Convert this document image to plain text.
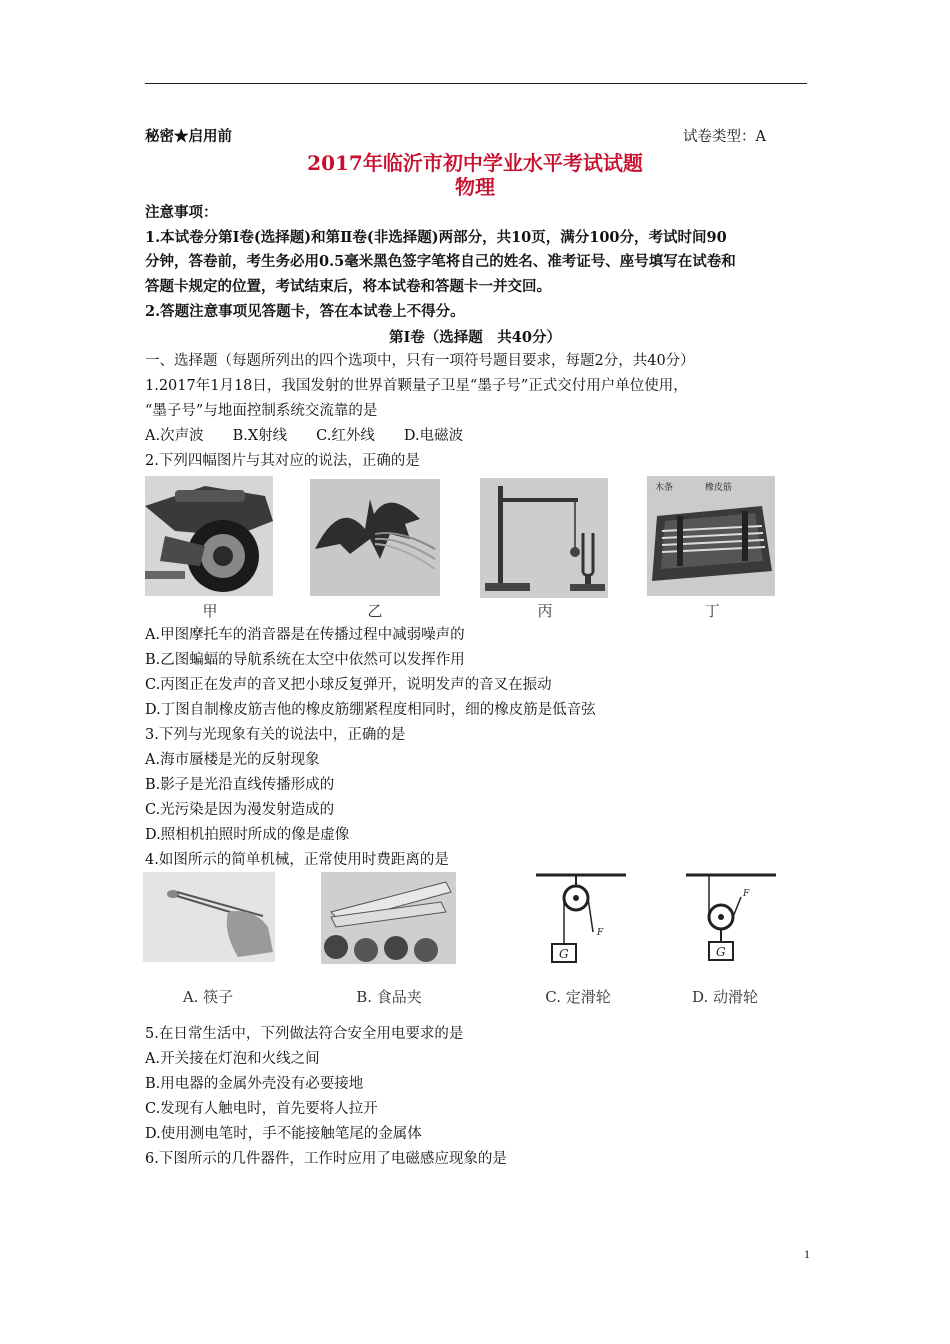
秘密★启用前	试卷类型：A
2017年临沂市初中学业水平考试试题
物理
注意事项：
1.本试卷分第Ⅰ卷(选择题)和第Ⅱ卷(非选择题)两部分，共10页，满分100分，考试时间90
分钟，答卷前，考生务必用0.5毫米黑色签字笔将自己的姓名、准考证号、座号填写在试卷和
答题卡规定的位置，考试结束后，将本试卷和答题卡一并交回。
2.答题注意事项见答题卡，答在本试卷上不得分。
第Ⅰ卷（选择题　共40分）
一、选择题（每题所列出的四个选项中，只有一项符号题目要求，每题2分，共40分）
1.2017年1月18日，我国发射的世界首颗量子卫星“墨子号”正式交付用户单位使用，
“墨子号”与地面控制系统交流靠的是
A.次声波　　B.X射线　　C.红外线　　D.电磁波
2.下列四幅图片与其对应的说法，正确的是
木条	橡皮筋
甲	乙	丙	丁
A.甲图摩托车的消音器是在传播过程中减弱噪声的
B.乙图蝙蝠的导航系统在太空中依然可以发挥作用
C.丙图正在发声的音叉把小球反复弹开，说明发声的音叉在振动
D.丁图自制橡皮筋吉他的橡皮筋绷紧程度相同时，细的橡皮筋是低音弦
3.下列与光现象有关的说法中，正确的是
A.海市蜃楼是光的反射现象
B.影子是光沿直线传播形成的
C.光污染是因为漫发射造成的
D.照相机拍照时所成的像是虚像
4.如图所示的简单机械，正常使用时费距离的是
G
F
G
F
A. 筷子	B. 食品夹	C. 定滑轮	D. 动滑轮
5.在日常生活中，下列做法符合安全用电要求的是
A.开关接在灯泡和火线之间
B.用电器的金属外壳没有必要接地
C.发现有人触电时，首先要将人拉开
D.使用测电笔时，手不能接触笔尾的金属体
6.下图所示的几件器件，工作时应用了电磁感应现象的是
1
